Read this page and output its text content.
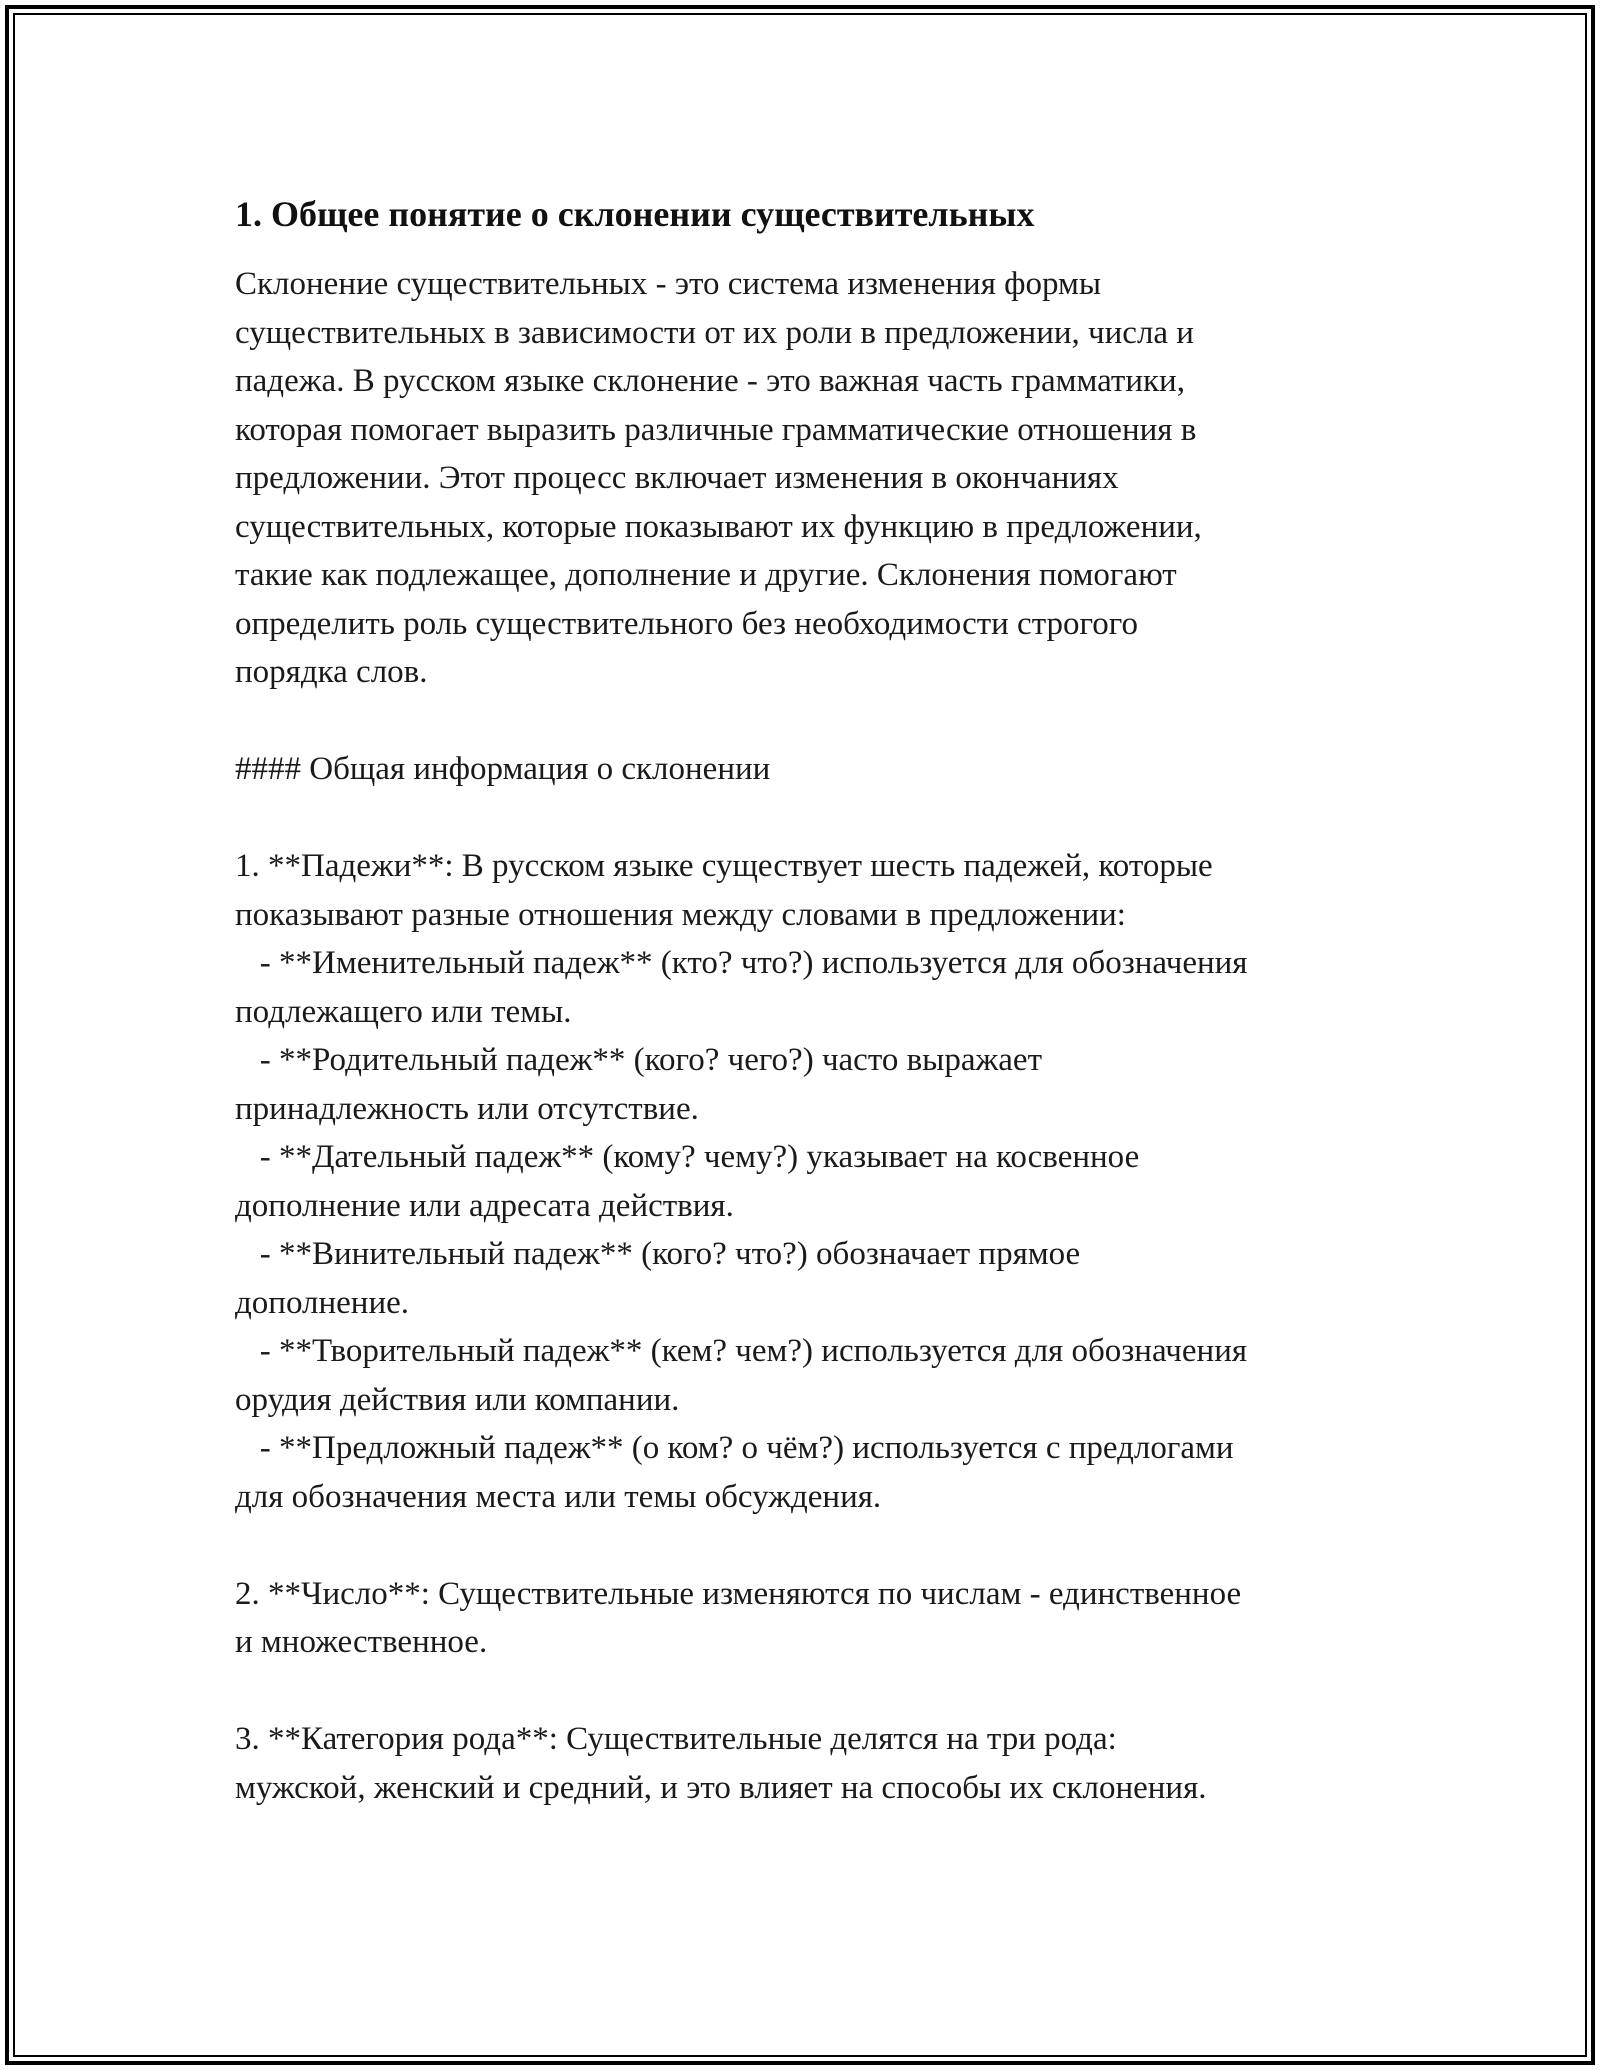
1. Общее понятие о склонении существительных
Склонение существительных - это система изменения формы
существительных в зависимости от их роли в предложении, числа и
падежа. В русском языке склонение - это важная часть грамматики,
которая помогает выразить различные грамматические отношения в
предложении. Этот процесс включает изменения в окончаниях
существительных, которые показывают их функцию в предложении,
такие как подлежащее, дополнение и другие. Склонения помогают
определить роль существительного без необходимости строгого
порядка слов.
#### Общая информация о склонении
1. **Падежи**: В русском языке существует шесть падежей, которые
показывают разные отношения между словами в предложении:
- **Именительный падеж** (кто? что?) используется для обозначения
подлежащего или темы.
- **Родительный падеж** (кого? чего?) часто выражает
принадлежность или отсутствие.
- **Дательный падеж** (кому? чему?) указывает на косвенное
дополнение или адресата действия.
- **Винительный падеж** (кого? что?) обозначает прямое
дополнение.
- **Творительный падеж** (кем? чем?) используется для обозначения
орудия действия или компании.
- **Предложный падеж** (о ком? о чём?) используется с предлогами
для обозначения места или темы обсуждения.
2. **Число**: Существительные изменяются по числам - единственное
и множественное.
3. **Категория рода**: Существительные делятся на три рода:
мужской, женский и средний, и это влияет на способы их склонения.
